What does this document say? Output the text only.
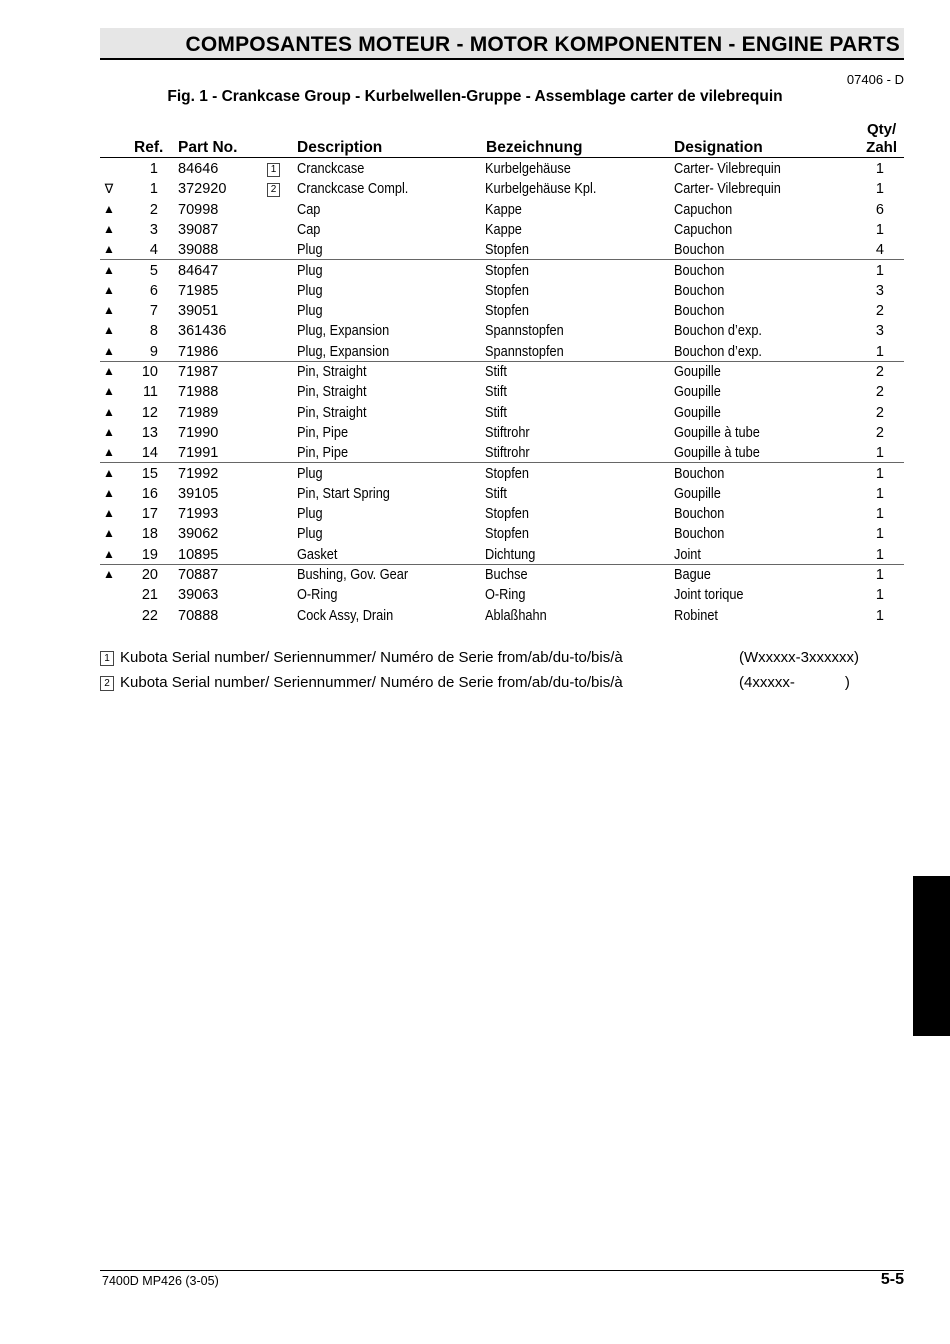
COMPOSANTES MOTEUR - MOTOR KOMPONENTEN - ENGINE PARTS
07406 - D
Fig. 1 - Crankcase Group - Kurbelwellen-Gruppe - Assemblage carter de vilebrequin
Ref. Part No.	Description	Bezeichnung	Designation
Qty/
Zahl
1 84646	1 Cranckcase	Kurbelgehäuse	Carter- Vilebrequin	1
∇	1 372920	2 Cranckcase Compl.	Kurbelgehäuse Kpl.	Carter- Vilebrequin	1
▲ 2 70998	Cap	Kappe	Capuchon	6
▲ 3 39087	Cap	Kappe	Capuchon	1
▲ 4 39088	Plug	Stopfen	Bouchon	4
▲ 5 84647	Plug	Stopfen	Bouchon	1
▲ 6 71985	Plug	Stopfen	Bouchon	3
▲ 7 39051	Plug	Stopfen	Bouchon	2
▲ 8 361436	Plug, Expansion	Spannstopfen	Bouchon d’exp.	3
▲ 9 71986	Plug, Expansion	Spannstopfen	Bouchon d’exp.	1
▲ 10 71987	Pin, Straight	Stift	Goupille	2
▲ 11 71988	Pin, Straight	Stift	Goupille	2
▲ 12 71989	Pin, Straight	Stift	Goupille	2
▲ 13 71990	Pin, Pipe	Stiftrohr	Goupille à tube	2
▲ 14 71991	Pin, Pipe	Stiftrohr	Goupille à tube	1
▲ 15 71992	Plug	Stopfen	Bouchon	1
▲ 16 39105	Pin, Start Spring	Stift	Goupille	1
▲ 17 71993	Plug	Stopfen	Bouchon	1
▲ 18 39062	Plug	Stopfen	Bouchon	1
▲ 19 10895	Gasket	Dichtung	Joint	1
▲ 20 70887	Bushing, Gov. Gear	Buchse	Bague	1
21 39063	O-Ring	O-Ring	Joint torique	1
22 70888	Cock Assy, Drain	Ablaßhahn	Robinet	1
1 Kubota Serial number/ Seriennummer/ Numéro de Serie from/ab/du-to/bis/à	(Wxxxxx-3xxxxxx)
2 Kubota Serial number/ Seriennummer/ Numéro de Serie from/ab/du-to/bis/à	(4xxxxx-            )
7400D MP426 (3-05)	5-5
